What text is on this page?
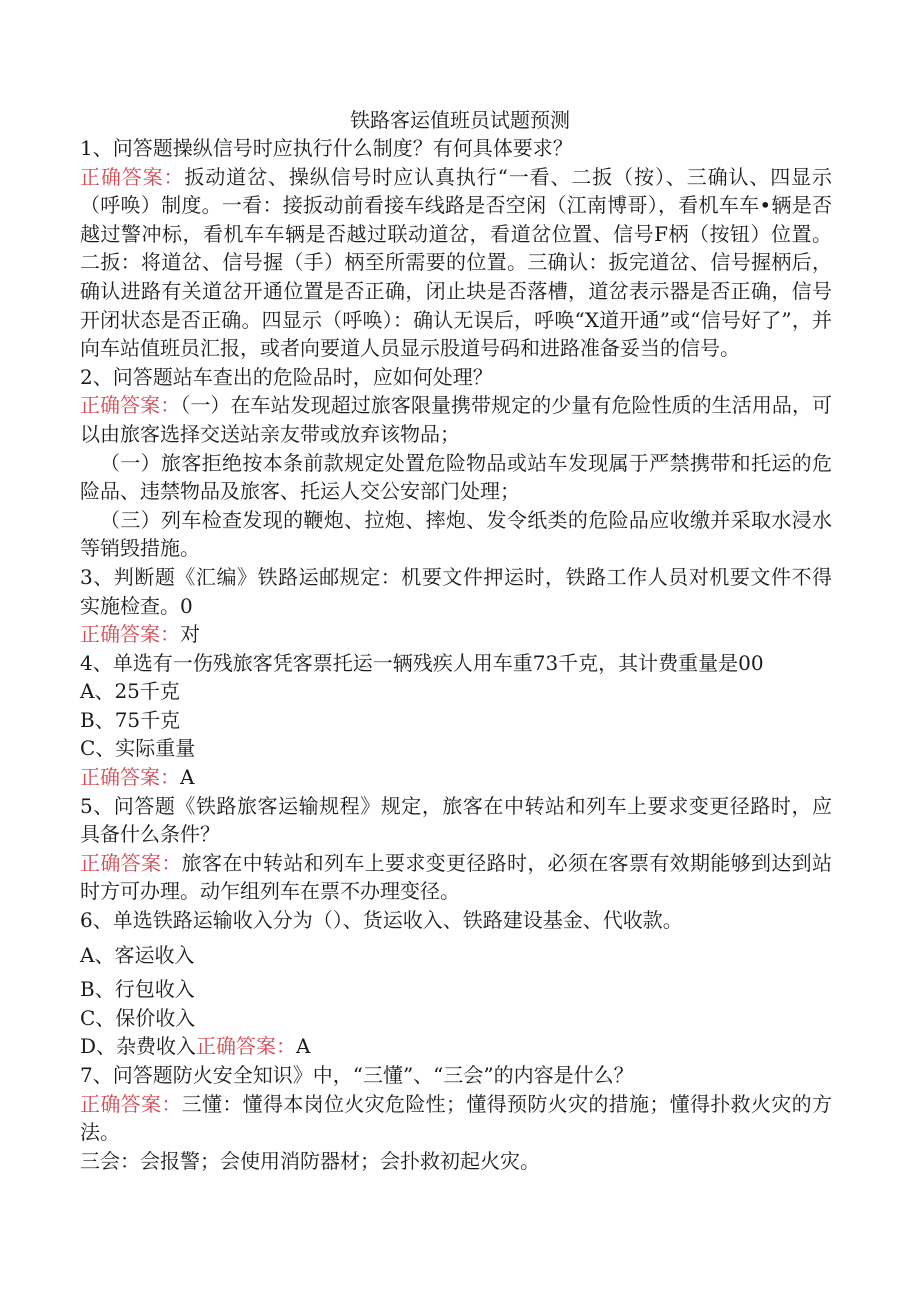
铁路客运值班员试题预测

1、问答题操纵信号时应执行什么制度？有何具体要求？

正确答案：扳动道岔、操纵信号时应认真执行“一看、二扳（按）、三确认、四显示（呼唤）制度。一看：接扳动前看接车线路是否空闲（江南博哥），看机车车•辆是否越过警冲标，看机车车辆是否越过联动道岔，看道岔位置、信号F柄（按钮）位置。二扳：将道岔、信号握（手）柄至所需要的位置。三确认：扳完道岔、信号握柄后，确认进路有关道岔开通位置是否正确，闭止块是否落槽，道岔表示器是否正确，信号开闭状态是否正确。四显示（呼唤）：确认无误后，呼唤“X道开通”或“信号好了”，并向车站值班员汇报，或者向要道人员显示股道号码和进路准备妥当的信号。

2、问答题站车查出的危险品时，应如何处理？

正确答案：（一）在车站发现超过旅客限量携带规定的少量有危险性质的生活用品，可以由旅客选择交送站亲友带或放弃该物品；

（一）旅客拒绝按本条前款规定处置危险物品或站车发现属于严禁携带和托运的危险品、违禁物品及旅客、托运人交公安部门处理；

（三）列车检查发现的鞭炮、拉炮、摔炮、发令纸类的危险品应收缴并采取水浸水等销毁措施。

3、判断题《汇编》铁路运邮规定：机要文件押运时，铁路工作人员对机要文件不得实施检查。0

正确答案：对

4、单选有一伤残旅客凭客票托运一辆残疾人用车重73千克，其计费重量是00

A、25千克

B、75千克

C、实际重量

正确答案：A

5、问答题《铁路旅客运输规程》规定，旅客在中转站和列车上要求变更径路时，应具备什么条件？

正确答案：旅客在中转站和列车上要求变更径路时，必须在客票有效期能够到达到站时方可办理。动乍组列车在票不办理变径。

6、单选铁路运输收入分为（）、货运收入、铁路建设基金、代收款。

A、客运收入

B、行包收入

C、保价收入

D、杂费收入正确答案：A

7、问答题防火安全知识》中，“三懂”、“三会”的内容是什么？

正确答案：三懂：懂得本岗位火灾危险性；懂得预防火灾的措施；懂得扑救火灾的方法。

三会：会报警；会使用消防器材；会扑救初起火灾。
